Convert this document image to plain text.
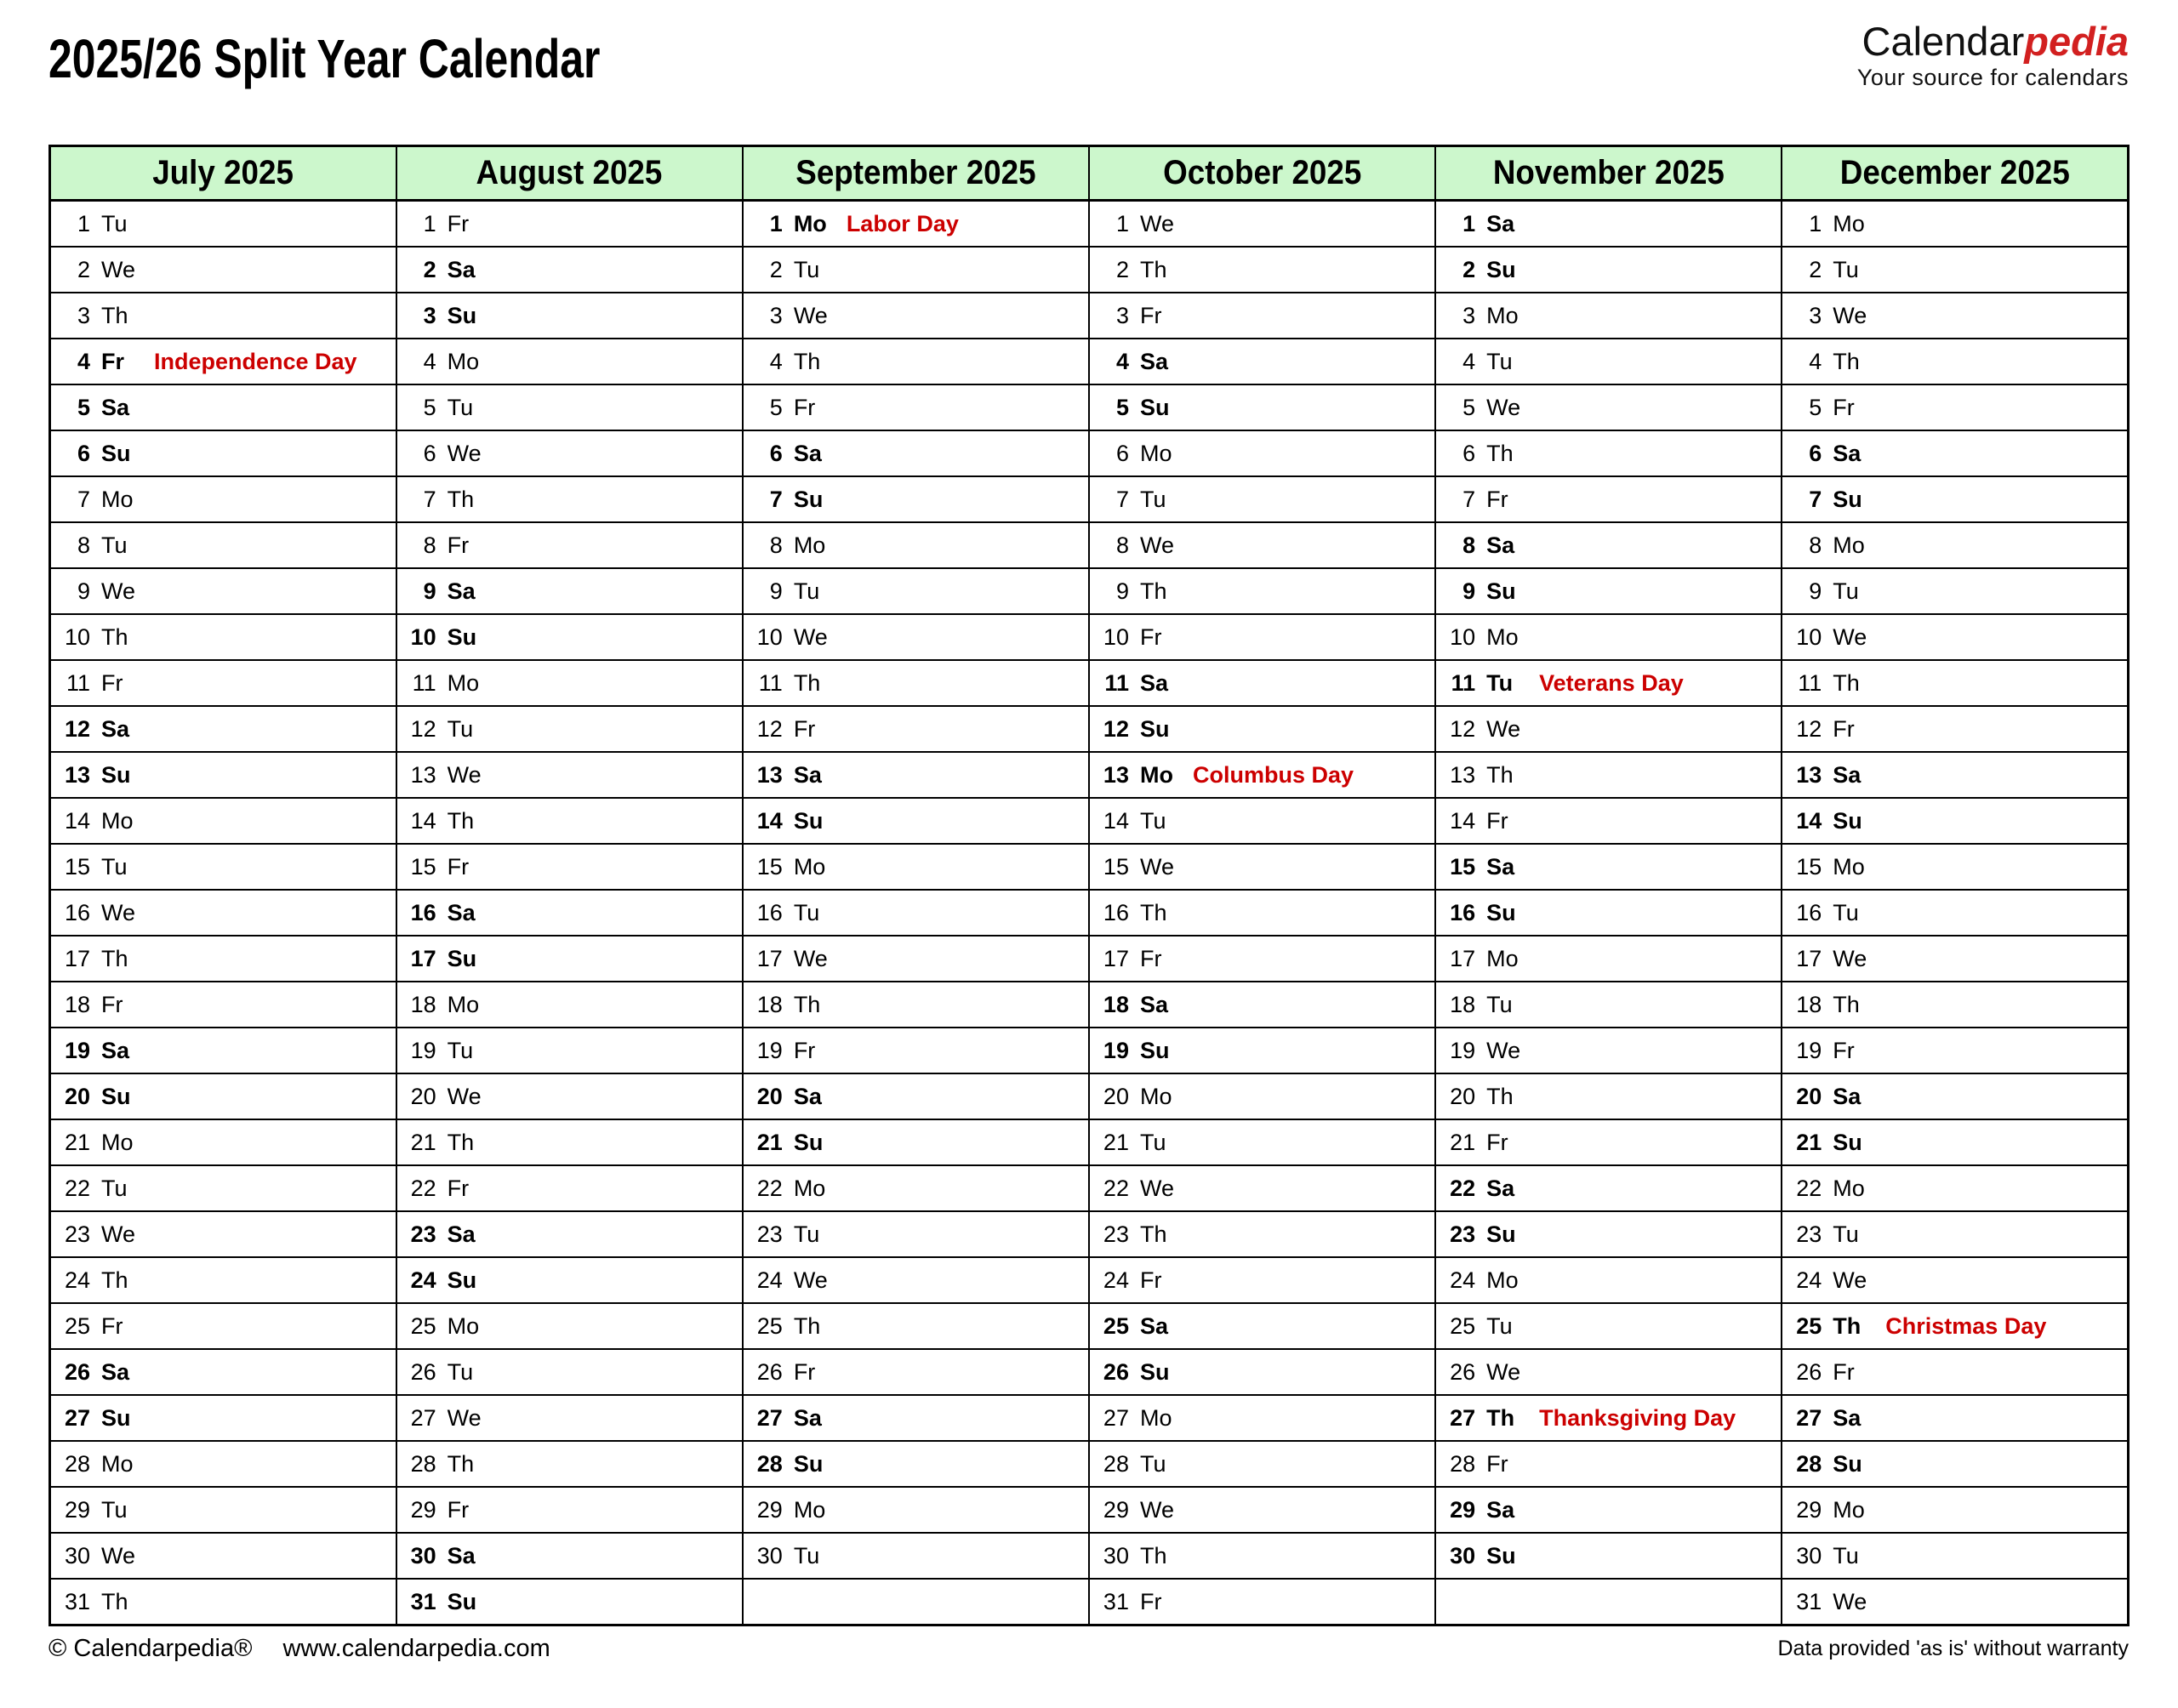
2025/26 Split Year Calendar	Calendarpedia
Your source for calendars
July 2025	August 2025	September 2025	October 2025	November 2025	December 2025
1 Tu	1 Fr	1 Mo Labor Day	1 We	1 Sa	1 Mo
2 We	2 Sa	2 Tu	2 Th	2 Su	2 Tu
3 Th	3 Su	3 We	3 Fr	3 Mo	3 We
4 Fr Independence Day	4 Mo	4 Th	4 Sa	4 Tu	4 Th
5 Sa	5 Tu	5 Fr	5 Su	5 We	5 Fr
6 Su	6 We	6 Sa	6 Mo	6 Th	6 Sa
7 Mo	7 Th	7 Su	7 Tu	7 Fr	7 Su
8 Tu	8 Fr	8 Mo	8 We	8 Sa	8 Mo
9 We	9 Sa	9 Tu	9 Th	9 Su	9 Tu
10 Th	10 Su	10 We	10 Fr	10 Mo	10 We
11 Fr	11 Mo	11 Th	11 Sa	11 Tu Veterans Day	11 Th
12 Sa	12 Tu	12 Fr	12 Su	12 We	12 Fr
13 Su	13 We	13 Sa	13 Mo Columbus Day	13 Th	13 Sa
14 Mo	14 Th	14 Su	14 Tu	14 Fr	14 Su
15 Tu	15 Fr	15 Mo	15 We	15 Sa	15 Mo
16 We	16 Sa	16 Tu	16 Th	16 Su	16 Tu
17 Th	17 Su	17 We	17 Fr	17 Mo	17 We
18 Fr	18 Mo	18 Th	18 Sa	18 Tu	18 Th
19 Sa	19 Tu	19 Fr	19 Su	19 We	19 Fr
20 Su	20 We	20 Sa	20 Mo	20 Th	20 Sa
21 Mo	21 Th	21 Su	21 Tu	21 Fr	21 Su
22 Tu	22 Fr	22 Mo	22 We	22 Sa	22 Mo
23 We	23 Sa	23 Tu	23 Th	23 Su	23 Tu
24 Th	24 Su	24 We	24 Fr	24 Mo	24 We
25 Fr	25 Mo	25 Th	25 Sa	25 Tu	25 Th Christmas Day
26 Sa	26 Tu	26 Fr	26 Su	26 We	26 Fr
27 Su	27 We	27 Sa	27 Mo	27 Th Thanksgiving Day	27 Sa
28 Mo	28 Th	28 Su	28 Tu	28 Fr	28 Su
29 Tu	29 Fr	29 Mo	29 We	29 Sa	29 Mo
30 We	30 Sa	30 Tu	30 Th	30 Su	30 Tu
31 Th	31 Su		31 Fr		31 We
© Calendarpedia® www.calendarpedia.com	Data provided 'as is' without warranty
